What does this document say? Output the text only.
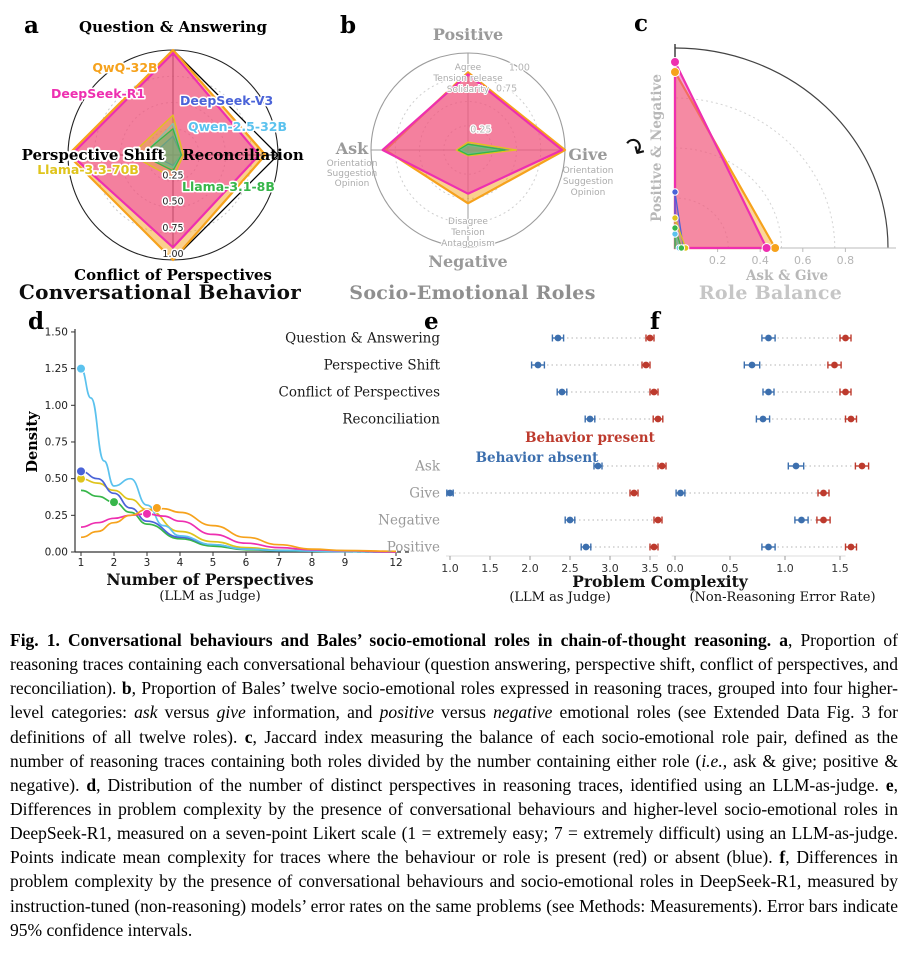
a	b	c
d	e	f
0.25
0.50
0.75
1.00
Question & Answering
Reconciliation
Conflict of Perspectives
Perspective Shift
QwQ-32B
DeepSeek-R1	DeepSeek-V3
Qwen-2.5-32B
Llama-3.3-70B
Llama-3.1-8B
0.25
0.75
1.00
Positive
Agree
Tension release
Solidarity
Give
Orientation
Suggestion
Opinion
Negative
Disagree
Tension
Antagonism
Ask
Orientation
Suggestion
Opinion
0.2 0.4 0.6 0.8
Ask & Give
Positive & Negative
↷
Conversational Behavior	Socio-Emotional Roles	Role Balance
0.00
0.25
0.50
0.75
1.00
1.25
1.50
1	2	3	4	5	6	7	8	9	12
Density
1.0 1.5 2.0 2.5 3.0 3.5
Question & Answering
Perspective Shift
Conflict of Perspectives
Reconciliation
Ask
Give
Negative
Positive
Behavior present
Behavior absent
0.0	0.5	1.0	1.5
Number of Perspectives
(LLM as Judge)
Problem Complexity
(LLM as Judge)	(Non-Reasoning Error Rate)
Fig. 1. Conversational behaviours and Bales’ socio-emotional roles in chain-of-thought reasoning. a, Proportion of reasoning traces containing each conversational behaviour (question answering, perspective shift, conflict of perspectives, and reconciliation). b, Proportion of Bales’ twelve socio-emotional roles expressed in reasoning traces, grouped into four higher-level categories: ask versus give information, and positive versus negative emotional roles (see Extended Data Fig. 3 for definitions of all twelve roles). c, Jaccard index measuring the balance of each socio-emotional role pair, defined as the number of reasoning traces containing both roles divided by the number containing either role (i.e., ask & give; positive & negative). d, Distribution of the number of distinct perspectives in reasoning traces, identified using an LLM-as-judge. e, Differences in problem complexity by the presence of conversational behaviours and higher-level socio-emotional roles in DeepSeek-R1, measured on a seven-point Likert scale (1 = extremely easy; 7 = extremely difficult) using an LLM-as-judge. Points indicate mean complexity for traces where the behaviour or role is present (red) or absent (blue). f, Differences in problem complexity by the presence of conversational behaviours and socio-emotional roles in DeepSeek-R1, measured by instruction-tuned (non-reasoning) models’ error rates on the same problems (see Methods: Measurements). Error bars indicate 95% confidence intervals.
